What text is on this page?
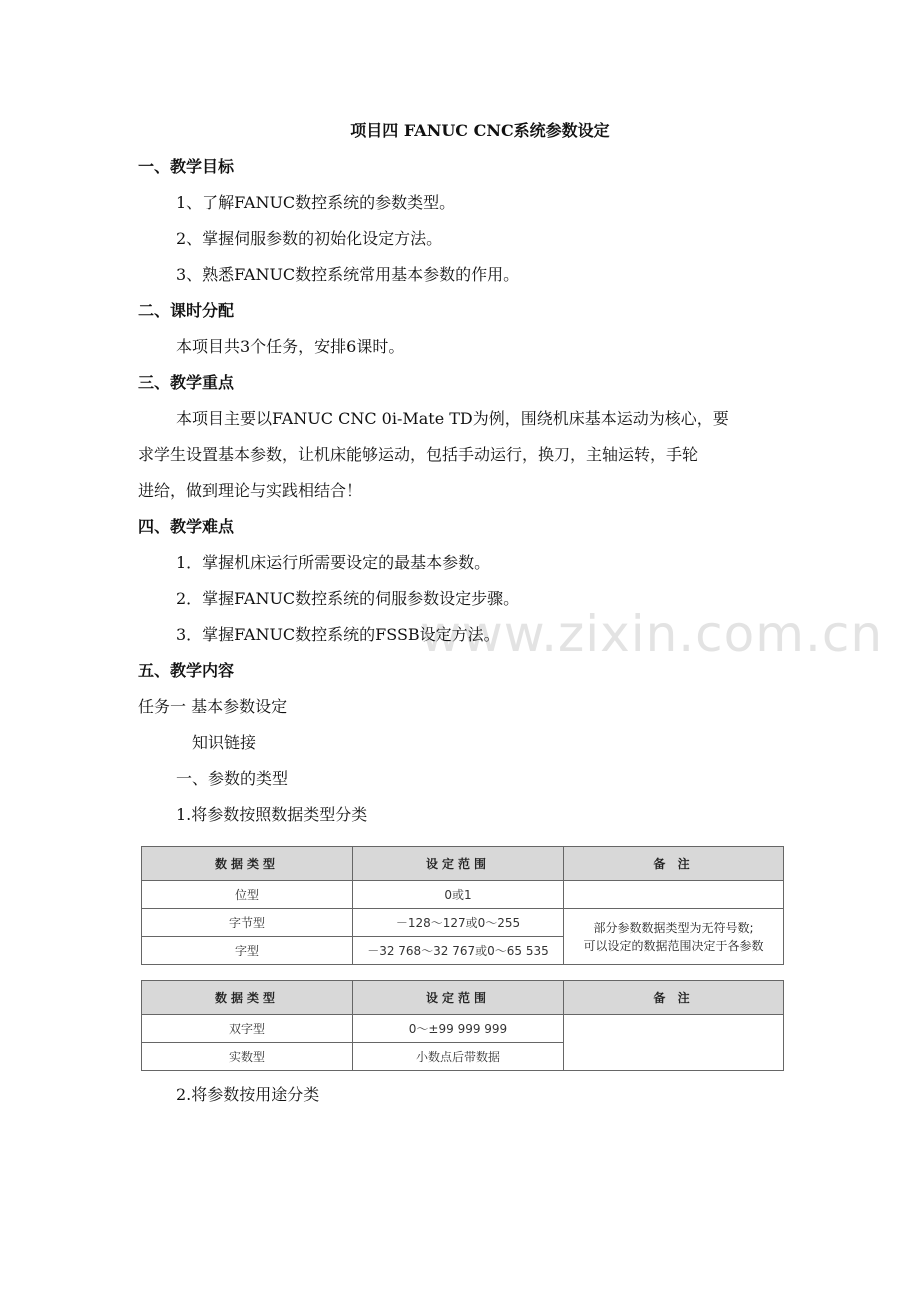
www.zixin.com.cn
项目四 FANUC CNC系统参数设定
一、教学目标
1、了解FANUC数控系统的参数类型。
2、掌握伺服参数的初始化设定方法。
3、熟悉FANUC数控系统常用基本参数的作用。
二、课时分配
本项目共3个任务，安排6课时。
三、教学重点
本项目主要以FANUC CNC 0i-Mate TD为例，围绕机床基本运动为核心，要
求学生设置基本参数，让机床能够运动，包括手动运行，换刀，主轴运转，手轮
进给，做到理论与实践相结合！
四、教学难点
1．掌握机床运行所需要设定的最基本参数。
2．掌握FANUC数控系统的伺服参数设定步骤。
3．掌握FANUC数控系统的FSSB设定方法。
五、教学内容
任务一 基本参数设定
知识链接
一、参数的类型
1.将参数按照数据类型分类
数据类型	设定范围	备 注
位型	0或1	
字节型	－128～127或0～255	部分参数数据类型为无符号数;
可以设定的数据范围决定于各参数

字型	－32 768～32 767或0～65 535	
数据类型	设定范围	备 注
双字型	0～±99 999 999	
实数型	小数点后带数据	
2.将参数按用途分类
